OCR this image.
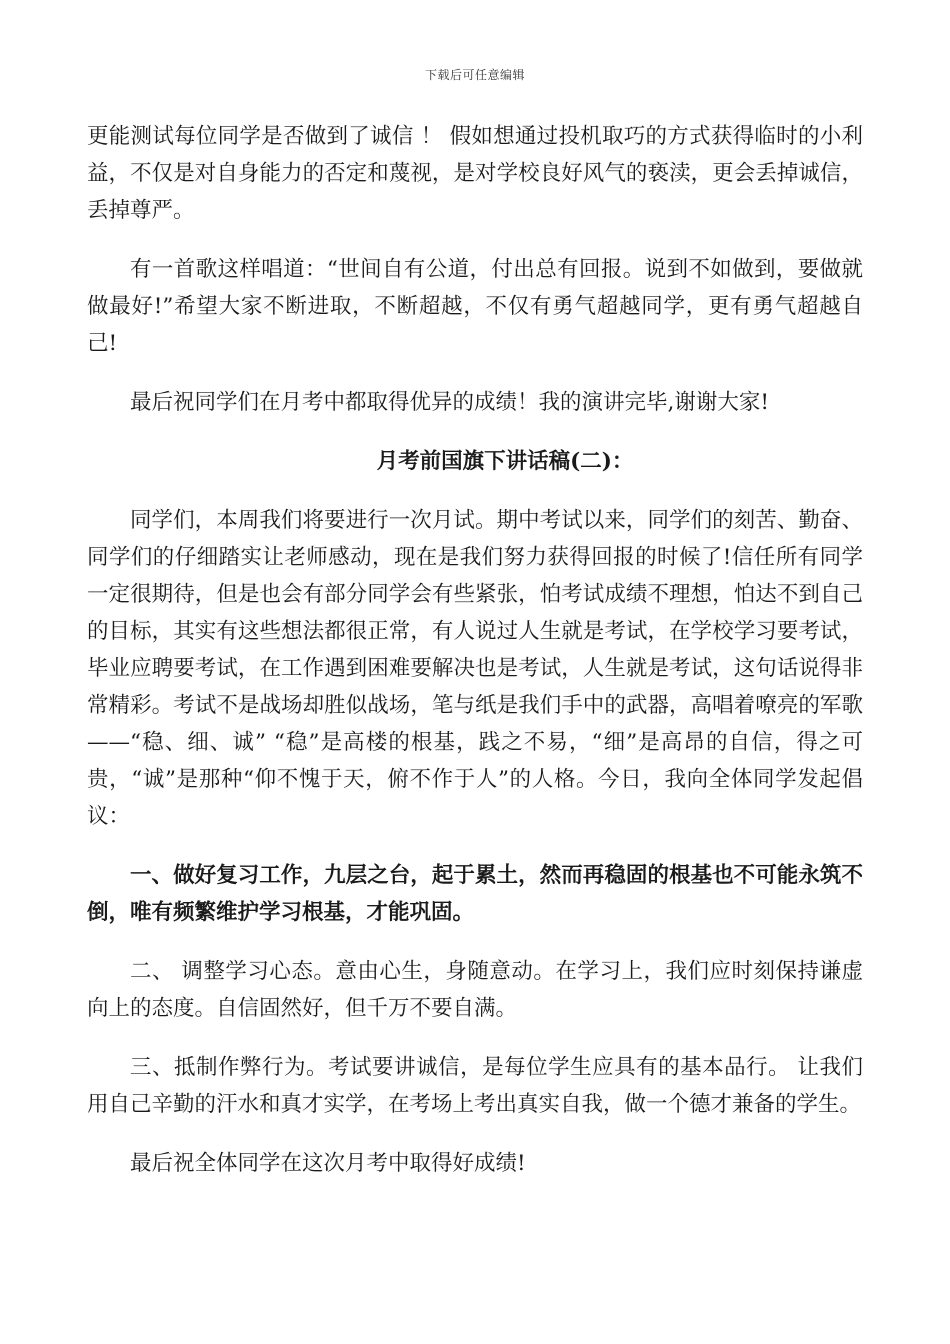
下载后可任意编辑

更能测试每位同学是否做到了诚信 ！ 假如想通过投机取巧的方式获得临时的小利益，不仅是对自身能力的否定和蔑视，是对学校良好风气的亵渎，更会丢掉诚信，丢掉尊严。

有一首歌这样唱道：“世间自有公道，付出总有回报。说到不如做到，要做就做最好!”希望大家不断进取，不断超越，不仅有勇气超越同学，更有勇气超越自己!

最后祝同学们在月考中都取得优异的成绩！我的演讲完毕,谢谢大家!

月考前国旗下讲话稿(二)：

同学们，本周我们将要进行一次月试。期中考试以来，同学们的刻苦、勤奋、同学们的仔细踏实让老师感动，现在是我们努力获得回报的时候了!信任所有同学一定很期待，但是也会有部分同学会有些紧张，怕考试成绩不理想，怕达不到自己的目标，其实有这些想法都很正常，有人说过人生就是考试，在学校学习要考试，毕业应聘要考试，在工作遇到困难要解决也是考试，人生就是考试，这句话说得非常精彩。考试不是战场却胜似战场，笔与纸是我们手中的武器，高唱着嘹亮的军歌——“稳、细、诚” “稳”是高楼的根基，践之不易，“细”是高昂的自信，得之可贵，“诚”是那种“仰不愧于天，俯不作于人”的人格。今日，我向全体同学发起倡议：

一、做好复习工作，九层之台，起于累土，然而再稳固的根基也不可能永筑不倒，唯有频繁维护学习根基，才能巩固。

二、 调整学习心态。意由心生，身随意动。在学习上，我们应时刻保持谦虚向上的态度。自信固然好，但千万不要自满。

三、抵制作弊行为。考试要讲诚信，是每位学生应具有的基本品行。 让我们用自己辛勤的汗水和真才实学，在考场上考出真实自我，做一个德才兼备的学生。

最后祝全体同学在这次月考中取得好成绩!
